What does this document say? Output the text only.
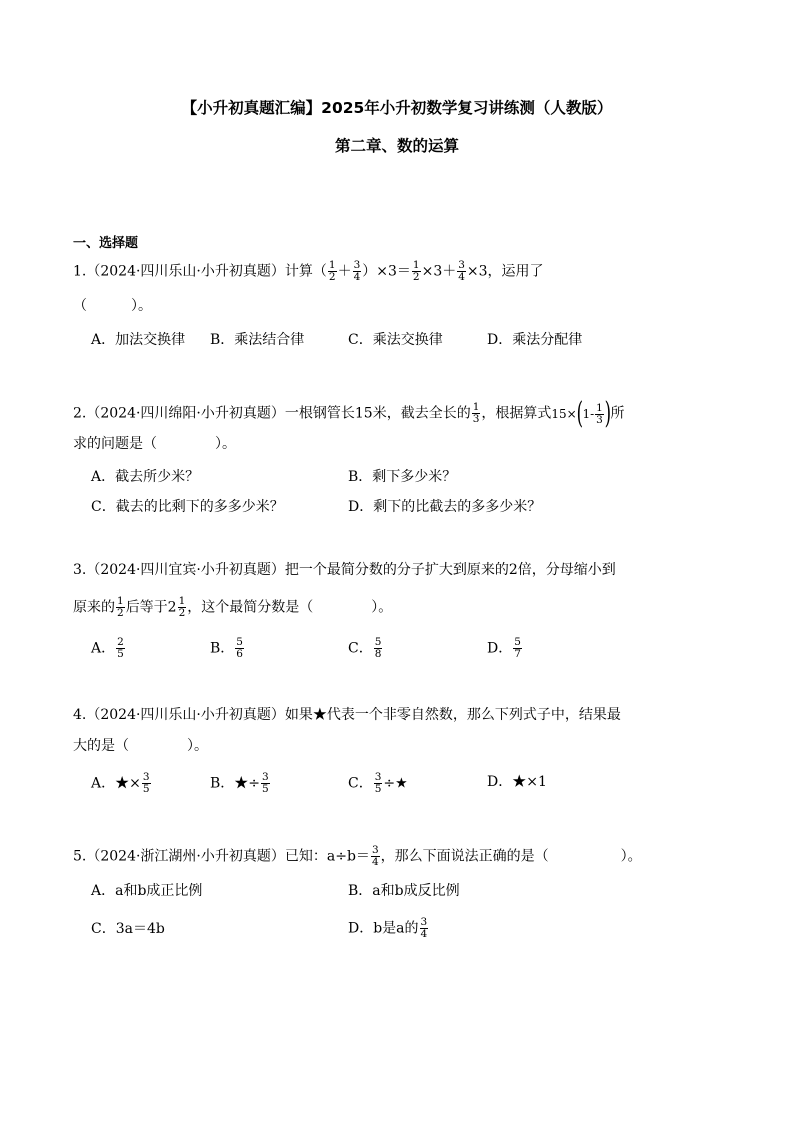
【小升初真题汇编】2025年小升初数学复习讲练测（人教版）
第二章、数的运算
一、选择题
1.（2024·四川乐山·小升初真题）计算（ $\frac{1}{2} + \frac{3}{4} )\times 3= \frac{1}{2} \times 3+ \frac{3}{4} \times 3$，运用了
（	）。
A．加法交换律 B．乘法结合律	C．乘法交换律	D．乘法分配律
2.（2024·四川绵阳·小升初真题）一根钢管长15米，截去全长的 $\frac{1}{3}$ ，根据算式$15\times(1- \frac{1}{3}$ )所
求的问题是（	）。
A．截去所少米？	B．剩下多少米？
C．截去的比剩下的多多少米？	D．剩下的比截去的多多少米？
3.（2024·四川宜宾·小升初真题）把一个最简分数的分子扩大到原来的2倍，分母缩小到
原来的 $\frac{1}{2}$ 后等于$2 \frac{1}{2}$ ，这个最简分数是（	）。
A． $\frac{2}{5}$	B． $\frac{5}{6}$	C． $\frac{5}{8}$	D． $\frac{5}{7}$
4.（2024·四川乐山·小升初真题）如果★代表一个非零自然数，那么下列式子中，结果最
大的是（	）。
A．★× $\frac{3}{5}$	B．★÷ $\frac{3}{5}$	C． $\frac{3}{5}$ ÷★	D．★×1
5.（2024·浙江湖州·小升初真题）已知：$a\div b= \frac{3}{4}$ ，那么下面说法正确的是（	）。
A．a和b成正比例	B．a和b成反比例
C．3a＝4b	D．b是a的 $\frac{3}{4}$
